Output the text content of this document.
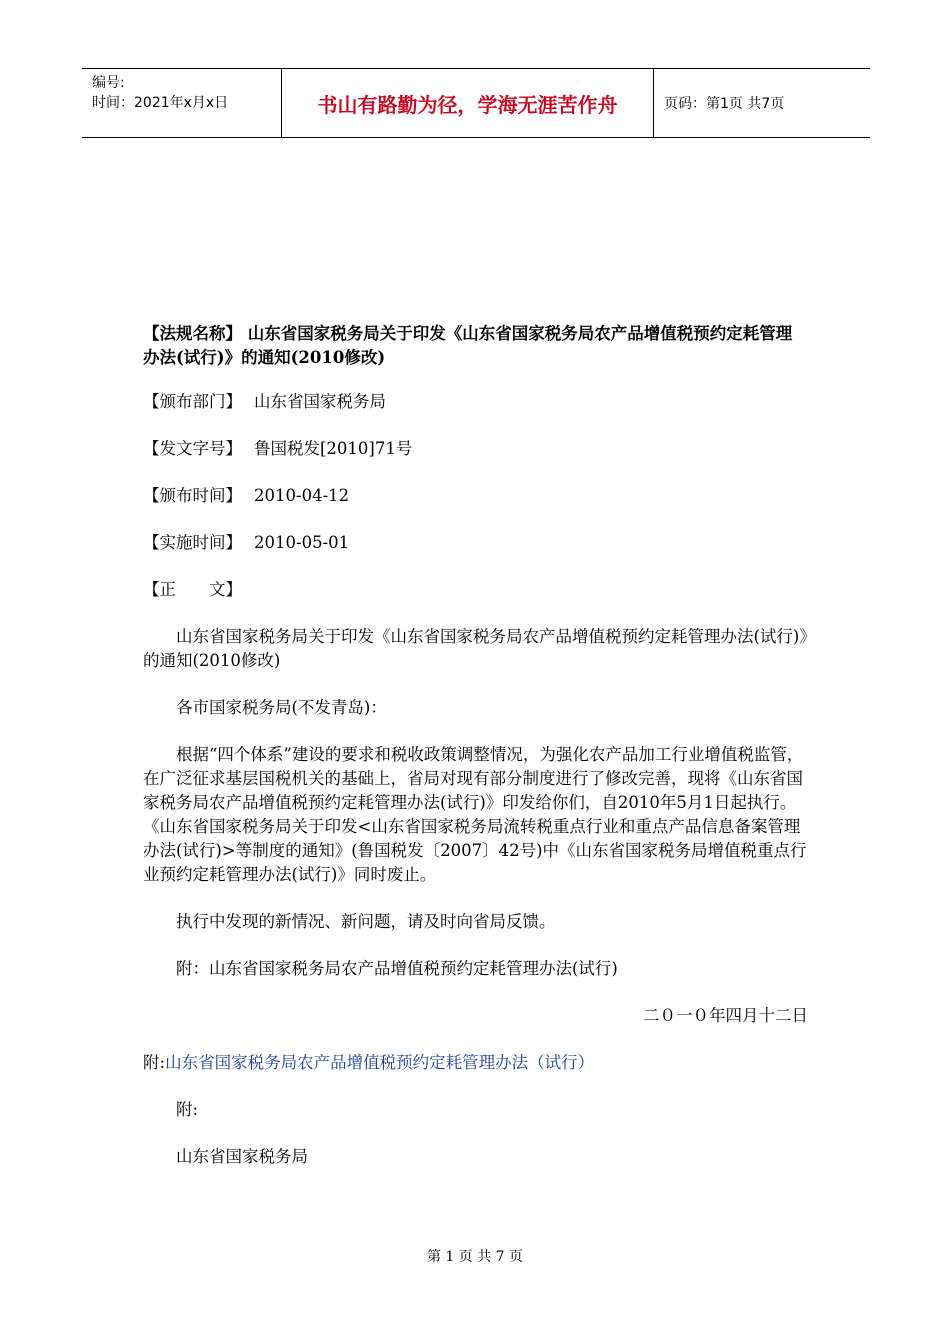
编号:
时间：2021年x月x日	书山有路勤为径，学海无涯苦作舟	页码：第1页 共7页

【法规名称】 山东省国家税务局关于印发《山东省国家税务局农产品增值税预约定耗管理办法(试行)》的通知(2010修改)

【颁布部门】 山东省国家税务局

【发文字号】 鲁国税发[2010]71号

【颁布时间】 2010-04-12

【实施时间】 2010-05-01

【正　　文】

山东省国家税务局关于印发《山东省国家税务局农产品增值税预约定耗管理办法(试行)》的通知(2010修改)

各市国家税务局(不发青岛)：

根据“四个体系”建设的要求和税收政策调整情况，为强化农产品加工行业增值税监管，在广泛征求基层国税机关的基础上，省局对现有部分制度进行了修改完善，现将《山东省国家税务局农产品增值税预约定耗管理办法(试行)》印发给你们，自2010年5月1日起执行。《山东省国家税务局关于印发<山东省国家税务局流转税重点行业和重点产品信息备案管理办法(试行)>等制度的通知》(鲁国税发〔2007〕42号)中《山东省国家税务局增值税重点行业预约定耗管理办法(试行)》同时废止。

执行中发现的新情况、新问题，请及时向省局反馈。

附：山东省国家税务局农产品增值税预约定耗管理办法(试行)

二０一０年四月十二日

附:山东省国家税务局农产品增值税预约定耗管理办法（试行）

附:

山东省国家税务局

第 1 页 共 7 页
